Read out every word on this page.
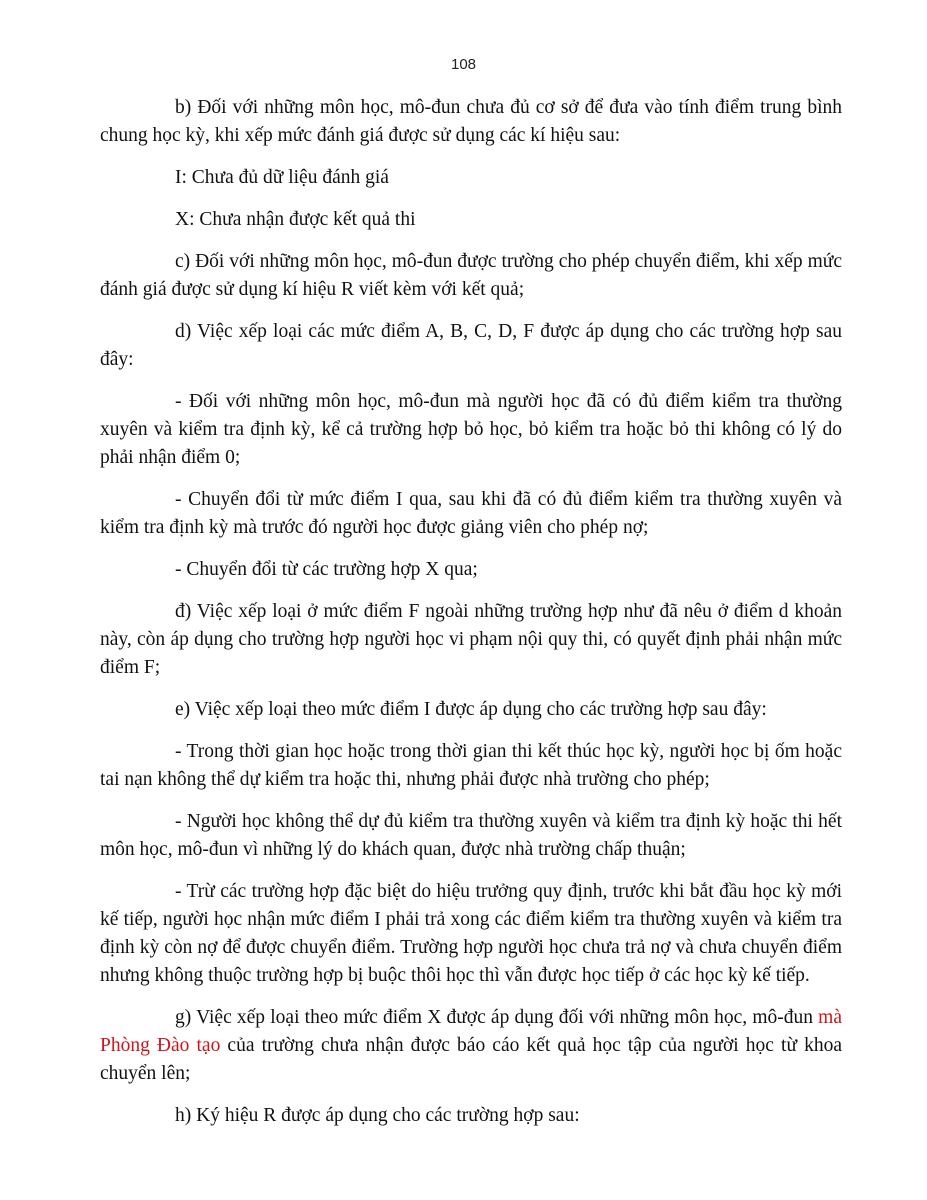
108

b) Đối với những môn học, mô-đun chưa đủ cơ sở để đưa vào tính điểm trung bình chung học kỳ, khi xếp mức đánh giá được sử dụng các kí hiệu sau:

I: Chưa đủ dữ liệu đánh giá

X: Chưa nhận được kết quả thi

c) Đối với những môn học, mô-đun được trường cho phép chuyển điểm, khi xếp mức đánh giá được sử dụng kí hiệu R viết kèm với kết quả;

d) Việc xếp loại các mức điểm A, B, C, D, F được áp dụng cho các trường hợp sau đây:

- Đối với những môn học, mô-đun mà người học đã có đủ điểm kiểm tra thường xuyên và kiểm tra định kỳ, kể cả trường hợp bỏ học, bỏ kiểm tra hoặc bỏ thi không có lý do phải nhận điểm 0;

- Chuyển đổi từ mức điểm I qua, sau khi đã có đủ điểm kiểm tra thường xuyên và kiểm tra định kỳ mà trước đó người học được giảng viên cho phép nợ;

- Chuyển đổi từ các trường hợp X qua;

đ) Việc xếp loại ở mức điểm F ngoài những trường hợp như đã nêu ở điểm d khoản này, còn áp dụng cho trường hợp người học vi phạm nội quy thi, có quyết định phải nhận mức điểm F;

e) Việc xếp loại theo mức điểm I được áp dụng cho các trường hợp sau đây:

- Trong thời gian học hoặc trong thời gian thi kết thúc học kỳ, người học bị ốm hoặc tai nạn không thể dự kiểm tra hoặc thi, nhưng phải được nhà trường cho phép;

- Người học không thể dự đủ kiểm tra thường xuyên và kiểm tra định kỳ hoặc thi hết môn học, mô-đun vì những lý do khách quan, được nhà trường chấp thuận;

- Trừ các trường hợp đặc biệt do hiệu trưởng quy định, trước khi bắt đầu học kỳ mới kế tiếp, người học nhận mức điểm I phải trả xong các điểm kiểm tra thường xuyên và kiểm tra định kỳ còn nợ để được chuyển điểm. Trường hợp người học chưa trả nợ và chưa chuyển điểm nhưng không thuộc trường hợp bị buộc thôi học thì vẫn được học tiếp ở các học kỳ kế tiếp.

g) Việc xếp loại theo mức điểm X được áp dụng đối với những môn học, mô-đun mà Phòng Đào tạo của trường chưa nhận được báo cáo kết quả học tập của người học từ khoa chuyển lên;

h) Ký hiệu R được áp dụng cho các trường hợp sau:
